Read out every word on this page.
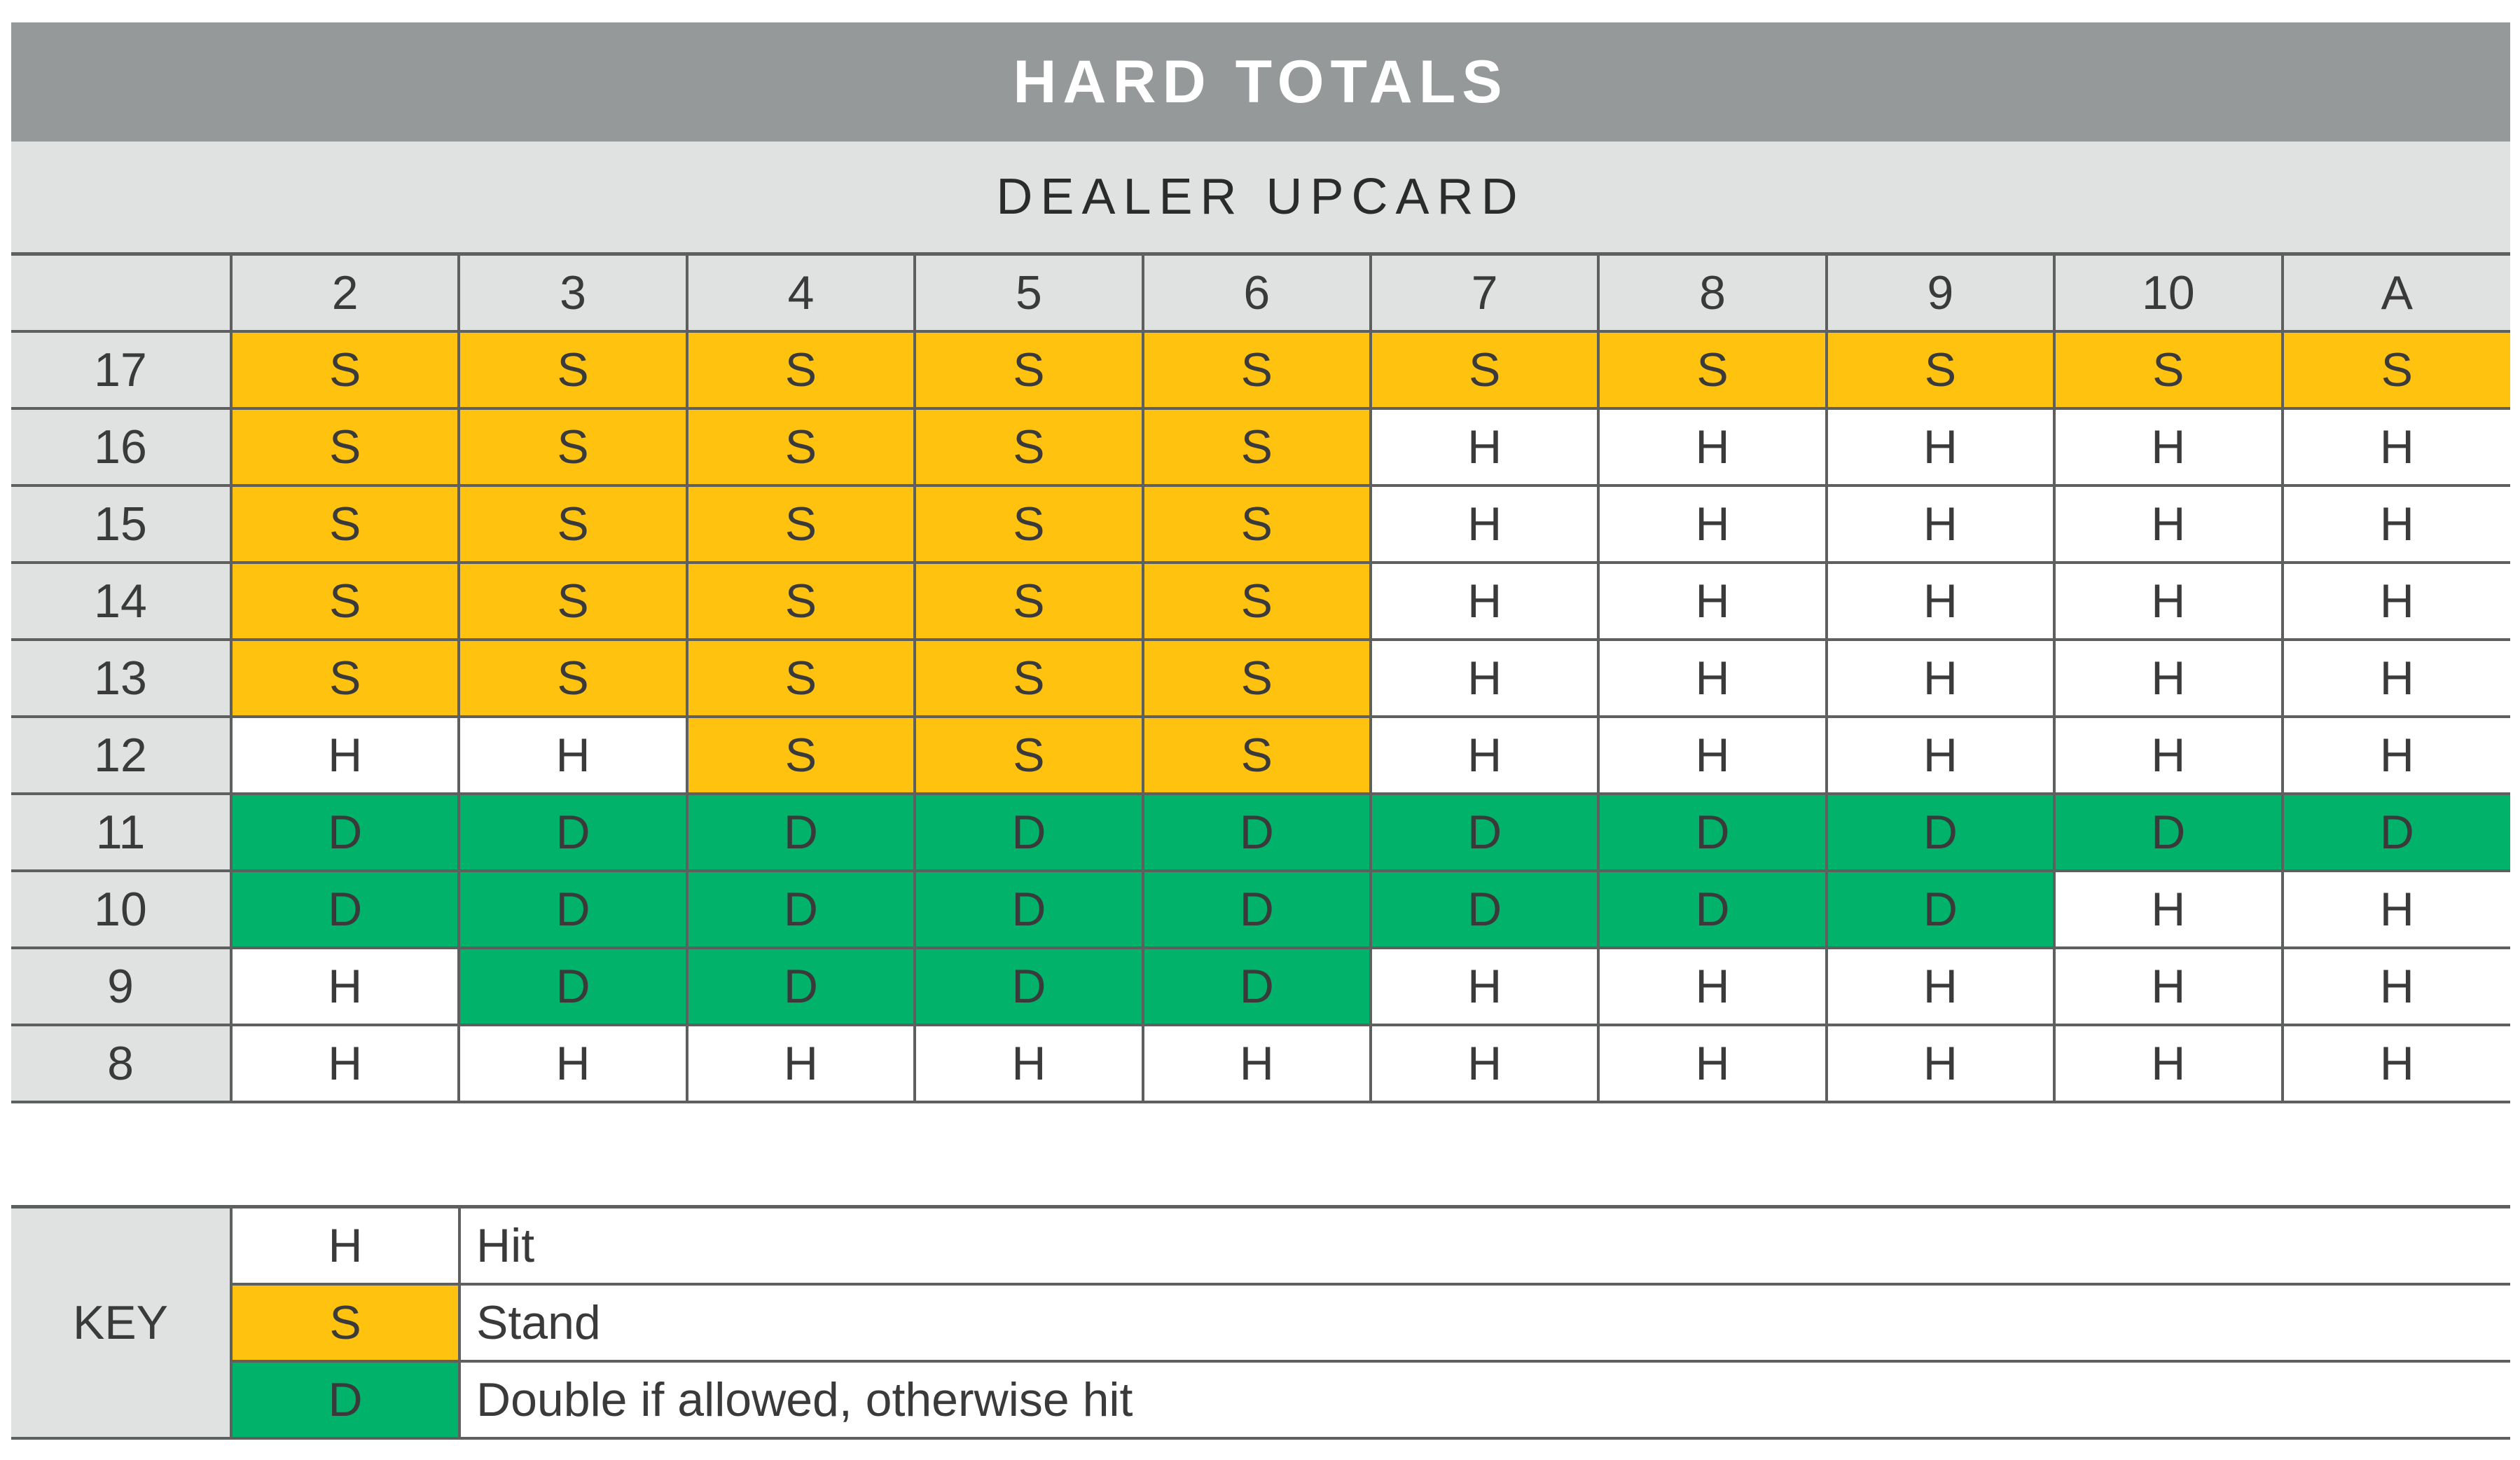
HARD TOTALS
DEALER UPCARD
	2	3	4	5	6	7	8	9	10	A
17	S	S	S	S	S	S	S	S	S	S
16	S	S	S	S	S	H	H	H	H	H
15	S	S	S	S	S	H	H	H	H	H
14	S	S	S	S	S	H	H	H	H	H
13	S	S	S	S	S	H	H	H	H	H
12	H	H	S	S	S	H	H	H	H	H
11	D	D	D	D	D	D	D	D	D	D
10	D	D	D	D	D	D	D	D	H	H
9	H	D	D	D	D	H	H	H	H	H
8	H	H	H	H	H	H	H	H	H	H
KEY	H	Hit
	S	Stand
	D	Double if allowed, otherwise hit
